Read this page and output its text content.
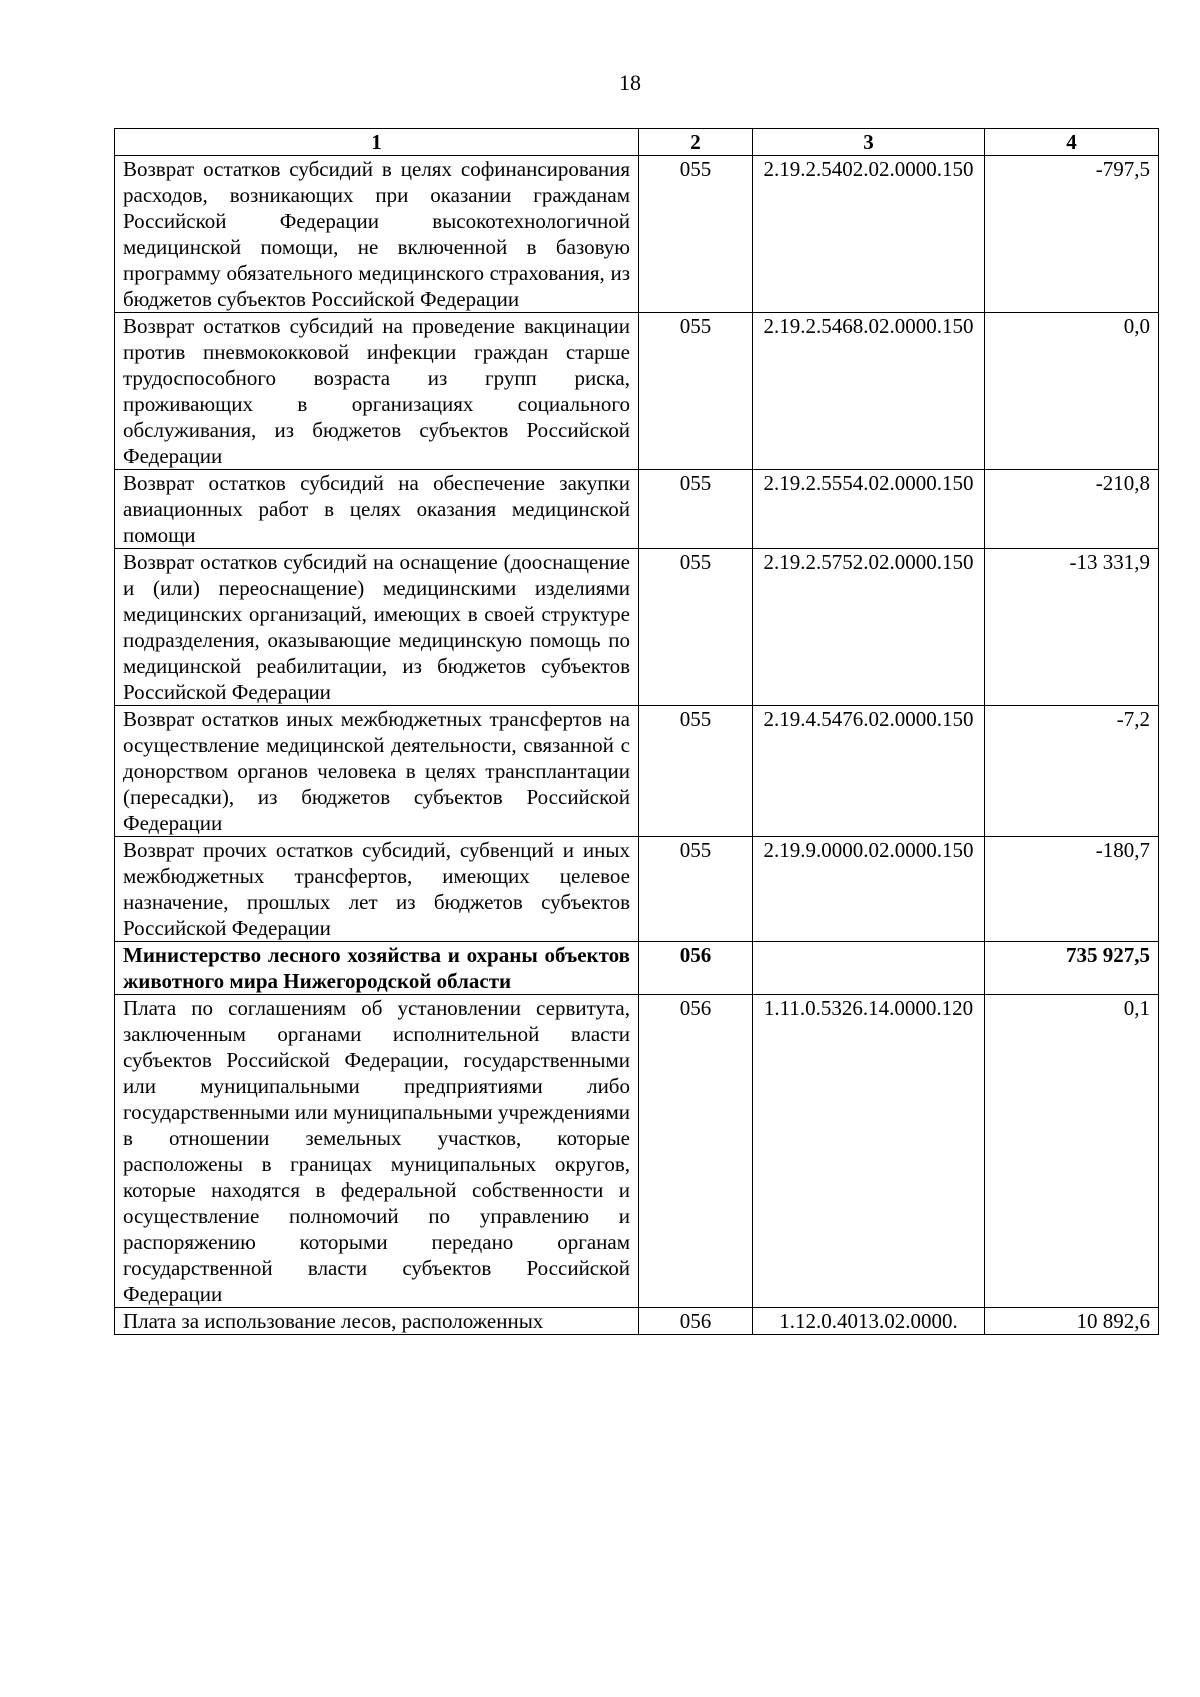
18
1	2	3	4
Возврат остатков субсидий в целях софинансирования расходов, возникающих при оказании гражданам Российской Федерации высокотехнологичной медицинской помощи, не включенной в базовую программу обязательного медицинского страхования, из бюджетов субъектов Российской Федерации	055	2.19.2.5402.02.0000.150	-797,5
Возврат остатков субсидий на проведение вакцинации против пневмококковой инфекции граждан старше трудоспособного возраста из групп риска, проживающих в организациях социального обслуживания, из бюджетов субъектов Российской Федерации	055	2.19.2.5468.02.0000.150	0,0
Возврат остатков субсидий на обеспечение закупки авиационных работ в целях оказания медицинской помощи	055	2.19.2.5554.02.0000.150	-210,8
Возврат остатков субсидий на оснащение (дооснащение и (или) переоснащение) медицинскими изделиями медицинских организаций, имеющих в своей структуре подразделения, оказывающие медицинскую помощь по медицинской реабилитации, из бюджетов субъектов Российской Федерации	055	2.19.2.5752.02.0000.150	-13 331,9
Возврат остатков иных межбюджетных трансфертов на осуществление медицинской деятельности, связанной с донорством органов человека в целях трансплантации (пересадки), из бюджетов субъектов Российской Федерации	055	2.19.4.5476.02.0000.150	-7,2
Возврат прочих остатков субсидий, субвенций и иных межбюджетных трансфертов, имеющих целевое назначение, прошлых лет из бюджетов субъектов Российской Федерации	055	2.19.9.0000.02.0000.150	-180,7
Министерство лесного хозяйства и охраны объектов животного мира Нижегородской области	056		735 927,5
Плата по соглашениям об установлении сервитута, заключенным органами исполнительной власти субъектов Российской Федерации, государственными или муниципальными предприятиями либо государственными или муниципальными учреждениями в отношении земельных участков, которые расположены в границах муниципальных округов, которые находятся в федеральной собственности и осуществление полномочий по управлению и распоряжению которыми передано органам государственной власти субъектов Российской Федерации	056	1.11.0.5326.14.0000.120	0,1
Плата за использование лесов, расположенных	056	1.12.0.4013.02.0000.	10 892,6
